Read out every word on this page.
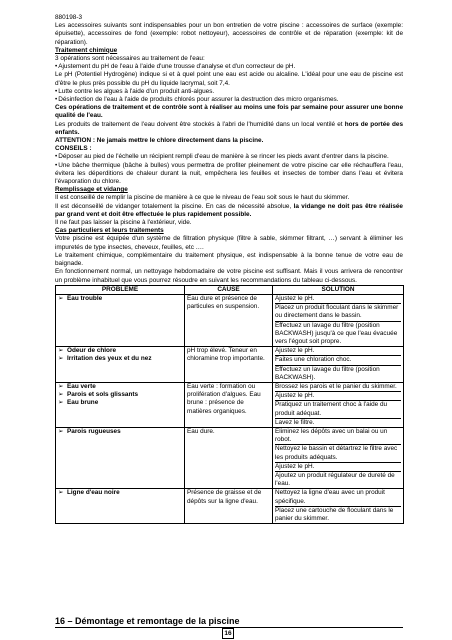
880198-3

Les accessoires suivants sont indispensables pour un bon entretien de votre piscine : accessoires de surface (exemple: épuisette), accessoires de fond (exemple: robot nettoyeur), accessoires de contrôle et de réparation (exemple: kit de réparation).

Traitement chimique

3 opérations sont nécessaires au traitement de l'eau:

• Ajustement du pH de l'eau à l'aide d'une trousse d'analyse et d'un correcteur de pH.

Le pH (Potentiel Hydrogène) indique si et à quel point une eau est acide ou alcaline. L'idéal pour une eau de piscine est d'être le plus près possible du pH du liquide lacrymal, soit 7,4.

• Lutte contre les algues à l'aide d'un produit anti-algues.

• Désinfection de l'eau à l'aide de produits chlorés pour assurer la destruction des micro organismes.

Ces opérations de traitement et de contrôle sont à réaliser au moins une fois par semaine pour assurer une bonne qualité de l'eau.

Les produits de traitement de l'eau doivent être stockés à l'abri de l'humidité dans un local ventilé et hors de portée des enfants.

ATTENTION : Ne jamais mettre le chlore directement dans la piscine.

CONSEILS :

• Déposer au pied de l'échelle un récipient rempli d'eau de manière à se rincer les pieds avant d'entrer dans la piscine.

• Une bâche thermique (bâche à bulles) vous permettra de profiter pleinement de votre piscine car elle réchauffera l'eau, évitera les déperditions de chaleur durant la nuit, empêchera les feuilles et insectes de tomber dans l'eau et évitera l'évaporation du chlore.

Remplissage et vidange

Il est conseillé de remplir la piscine de manière à ce que le niveau de l'eau soit sous le haut du skimmer.

Il est déconseillé de vidanger totalement la piscine. En cas de nécessité absolue, la vidange ne doit pas être réalisée par grand vent et doit être effectuée le plus rapidement possible.

Il ne faut pas laisser la piscine à l'extérieur, vide.

Cas particuliers et leurs traitements

Votre piscine est équipée d'un système de filtration physique (filtre à sable, skimmer filtrant, …) servant à éliminer les impuretés de type insectes, cheveux, feuilles, etc ….

Le traitement chimique, complémentaire du traitement physique, est indispensable à la bonne tenue de votre eau de baignade.

En fonctionnement normal, un nettoyage hebdomadaire de votre piscine est suffisant. Mais il vous arrivera de rencontrer un problème inhabituel que vous pourrez résoudre en suivant les recommandations du tableau ci-dessous.

PROBLEME	CAUSE	SOLUTION

➢ Eau trouble	Eau dure et présence de particules en suspension.	Ajustez le pH.
Placez un produit floculant dans le skimmer ou directement dans le bassin.
Effectuez un lavage du filtre (position BACKWASH) jusqu'à ce que l'eau évacuée vers l'égout soit propre.

➢ Odeur de chlore
➢ Irritation des yeux et du nez	pH trop élevé. Teneur en chloramine trop importante.	Ajustez le pH.
Faites une chloration choc.
Effectuez un lavage du filtre (position BACKWASH).

➢ Eau verte
➢ Parois et sols glissants
➢ Eau brune	Eau verte : formation ou prolifération d'algues. Eau brune : présence de matières organiques.	Brossez les parois et le panier du skimmer.
Ajustez le pH.
Pratiquez un traitement choc à l'aide du produit adéquat.
Lavez le filtre.

➢ Parois rugueuses	Eau dure.	Eliminez les dépôts avec un balai ou un robot.
Nettoyez le bassin et détartrez le filtre avec les produits adéquats.
Ajustez le pH.
Ajoutez un produit régulateur de dureté de l'eau.

➢ Ligne d'eau noire	Présence de graisse et de dépôts sur la ligne d'eau.	Nettoyez la ligne d'eau avec un produit spécifique.
Placez une cartouche de floculant dans le panier du skimmer.
16 – Démontage et remontage de la piscine
16
